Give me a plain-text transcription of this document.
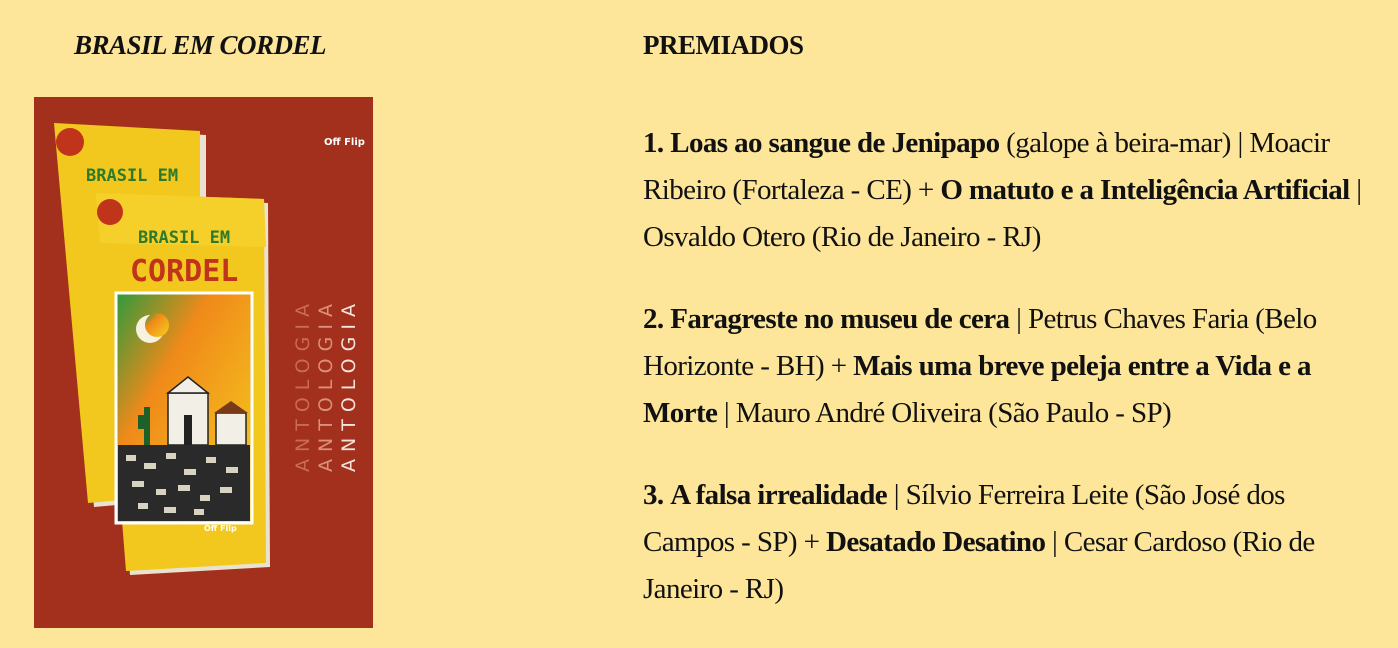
BRASIL EM CORDEL
BRASIL EM
BRASIL EM
CORDEL
Off Flip
Off Flip
ANTOLOGIA ANTOLOGIA ANTOLOGIA
PREMIADOS
1. Loas ao sangue de Jenipapo (galope à beira-mar) | Moacir Ribeiro (Fortaleza - CE) + O matuto e a Inteligência Artificial | Osvaldo Otero (Rio de Janeiro - RJ)
2. Faragreste no museu de cera | Petrus Chaves Faria (Belo Horizonte - BH) + Mais uma breve peleja entre a Vida e a Morte | Mauro André Oliveira (São Paulo - SP)
3. A falsa irrealidade | Sílvio Ferreira Leite (São José dos Campos - SP) + Desatado Desatino | Cesar Cardoso (Rio de Janeiro - RJ)
